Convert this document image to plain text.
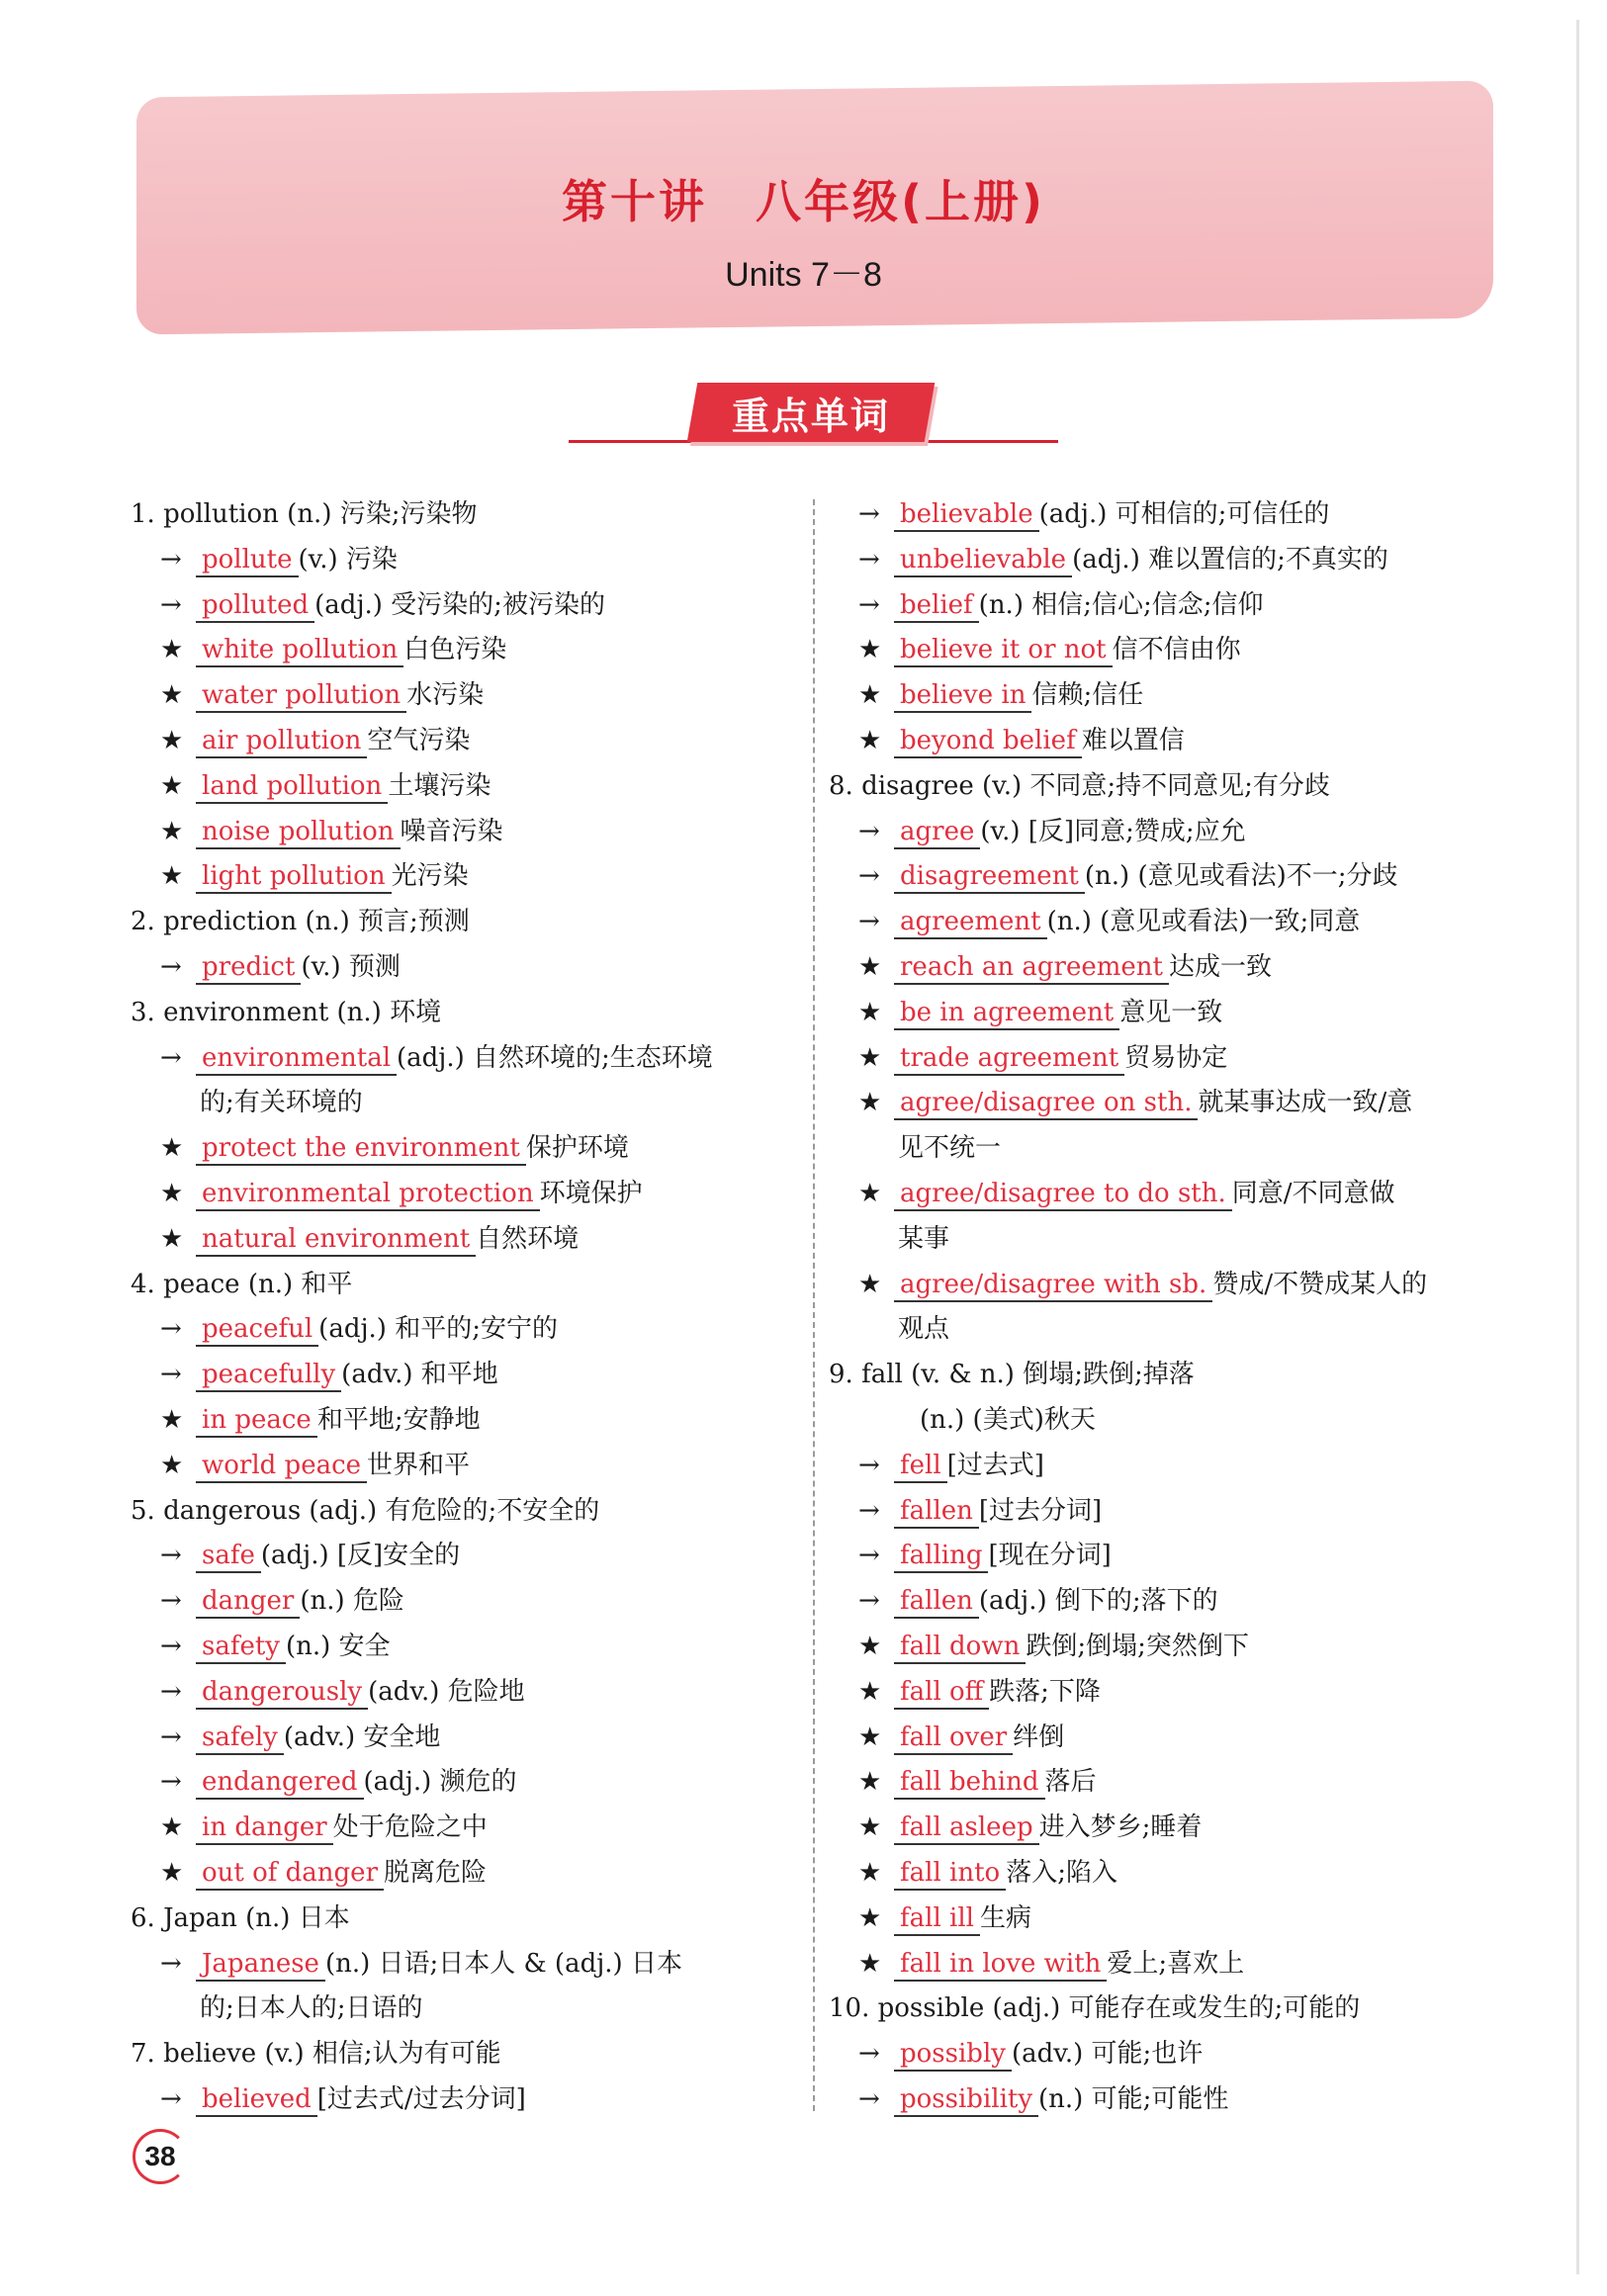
第十讲　八年级(上册)
Units 7－8
重点单词
1. pollution (n.) 污染;污染物
→ pollute (v.) 污染
→ polluted (adj.) 受污染的;被污染的
★ white pollution 白色污染
★ water pollution 水污染
★ air pollution 空气污染
★ land pollution 土壤污染
★ noise pollution 噪音污染
★ light pollution 光污染
2. prediction (n.) 预言;预测
→ predict (v.) 预测
3. environment (n.) 环境
→ environmental (adj.) 自然环境的;生态环境
的;有关环境的
★ protect the environment 保护环境
★ environmental protection 环境保护
★ natural environment 自然环境
4. peace (n.) 和平
→ peaceful (adj.) 和平的;安宁的
→ peacefully (adv.) 和平地
★ in peace 和平地;安静地
★ world peace 世界和平
5. dangerous (adj.) 有危险的;不安全的
→ safe (adj.) [反]安全的
→ danger (n.) 危险
→ safety (n.) 安全
→ dangerously (adv.) 危险地
→ safely (adv.) 安全地
→ endangered (adj.) 濒危的
★ in danger 处于危险之中
★ out of danger 脱离危险
6. Japan (n.) 日本
→ Japanese (n.) 日语;日本人 & (adj.) 日本
的;日本人的;日语的
7. believe (v.) 相信;认为有可能
→ believed [过去式/过去分词]
→ believable (adj.) 可相信的;可信任的
→ unbelievable (adj.) 难以置信的;不真实的
→ belief (n.) 相信;信心;信念;信仰
★ believe it or not 信不信由你
★ believe in 信赖;信任
★ beyond belief 难以置信
8. disagree (v.) 不同意;持不同意见;有分歧
→ agree (v.) [反]同意;赞成;应允
→ disagreement (n.) (意见或看法)不一;分歧
→ agreement (n.) (意见或看法)一致;同意
★ reach an agreement 达成一致
★ be in agreement 意见一致
★ trade agreement 贸易协定
★ agree/disagree on sth. 就某事达成一致/意
见不统一
★ agree/disagree to do sth. 同意/不同意做
某事
★ agree/disagree with sb. 赞成/不赞成某人的
观点
9. fall (v. & n.) 倒塌;跌倒;掉落
(n.) (美式)秋天
→ fell [过去式]
→ fallen [过去分词]
→ falling [现在分词]
→ fallen (adj.) 倒下的;落下的
★ fall down 跌倒;倒塌;突然倒下
★ fall off 跌落;下降
★ fall over 绊倒
★ fall behind 落后
★ fall asleep 进入梦乡;睡着
★ fall into 落入;陷入
★ fall ill 生病
★ fall in love with 爱上;喜欢上
10. possible (adj.) 可能存在或发生的;可能的
→ possibly (adv.) 可能;也许
→ possibility (n.) 可能;可能性
38
